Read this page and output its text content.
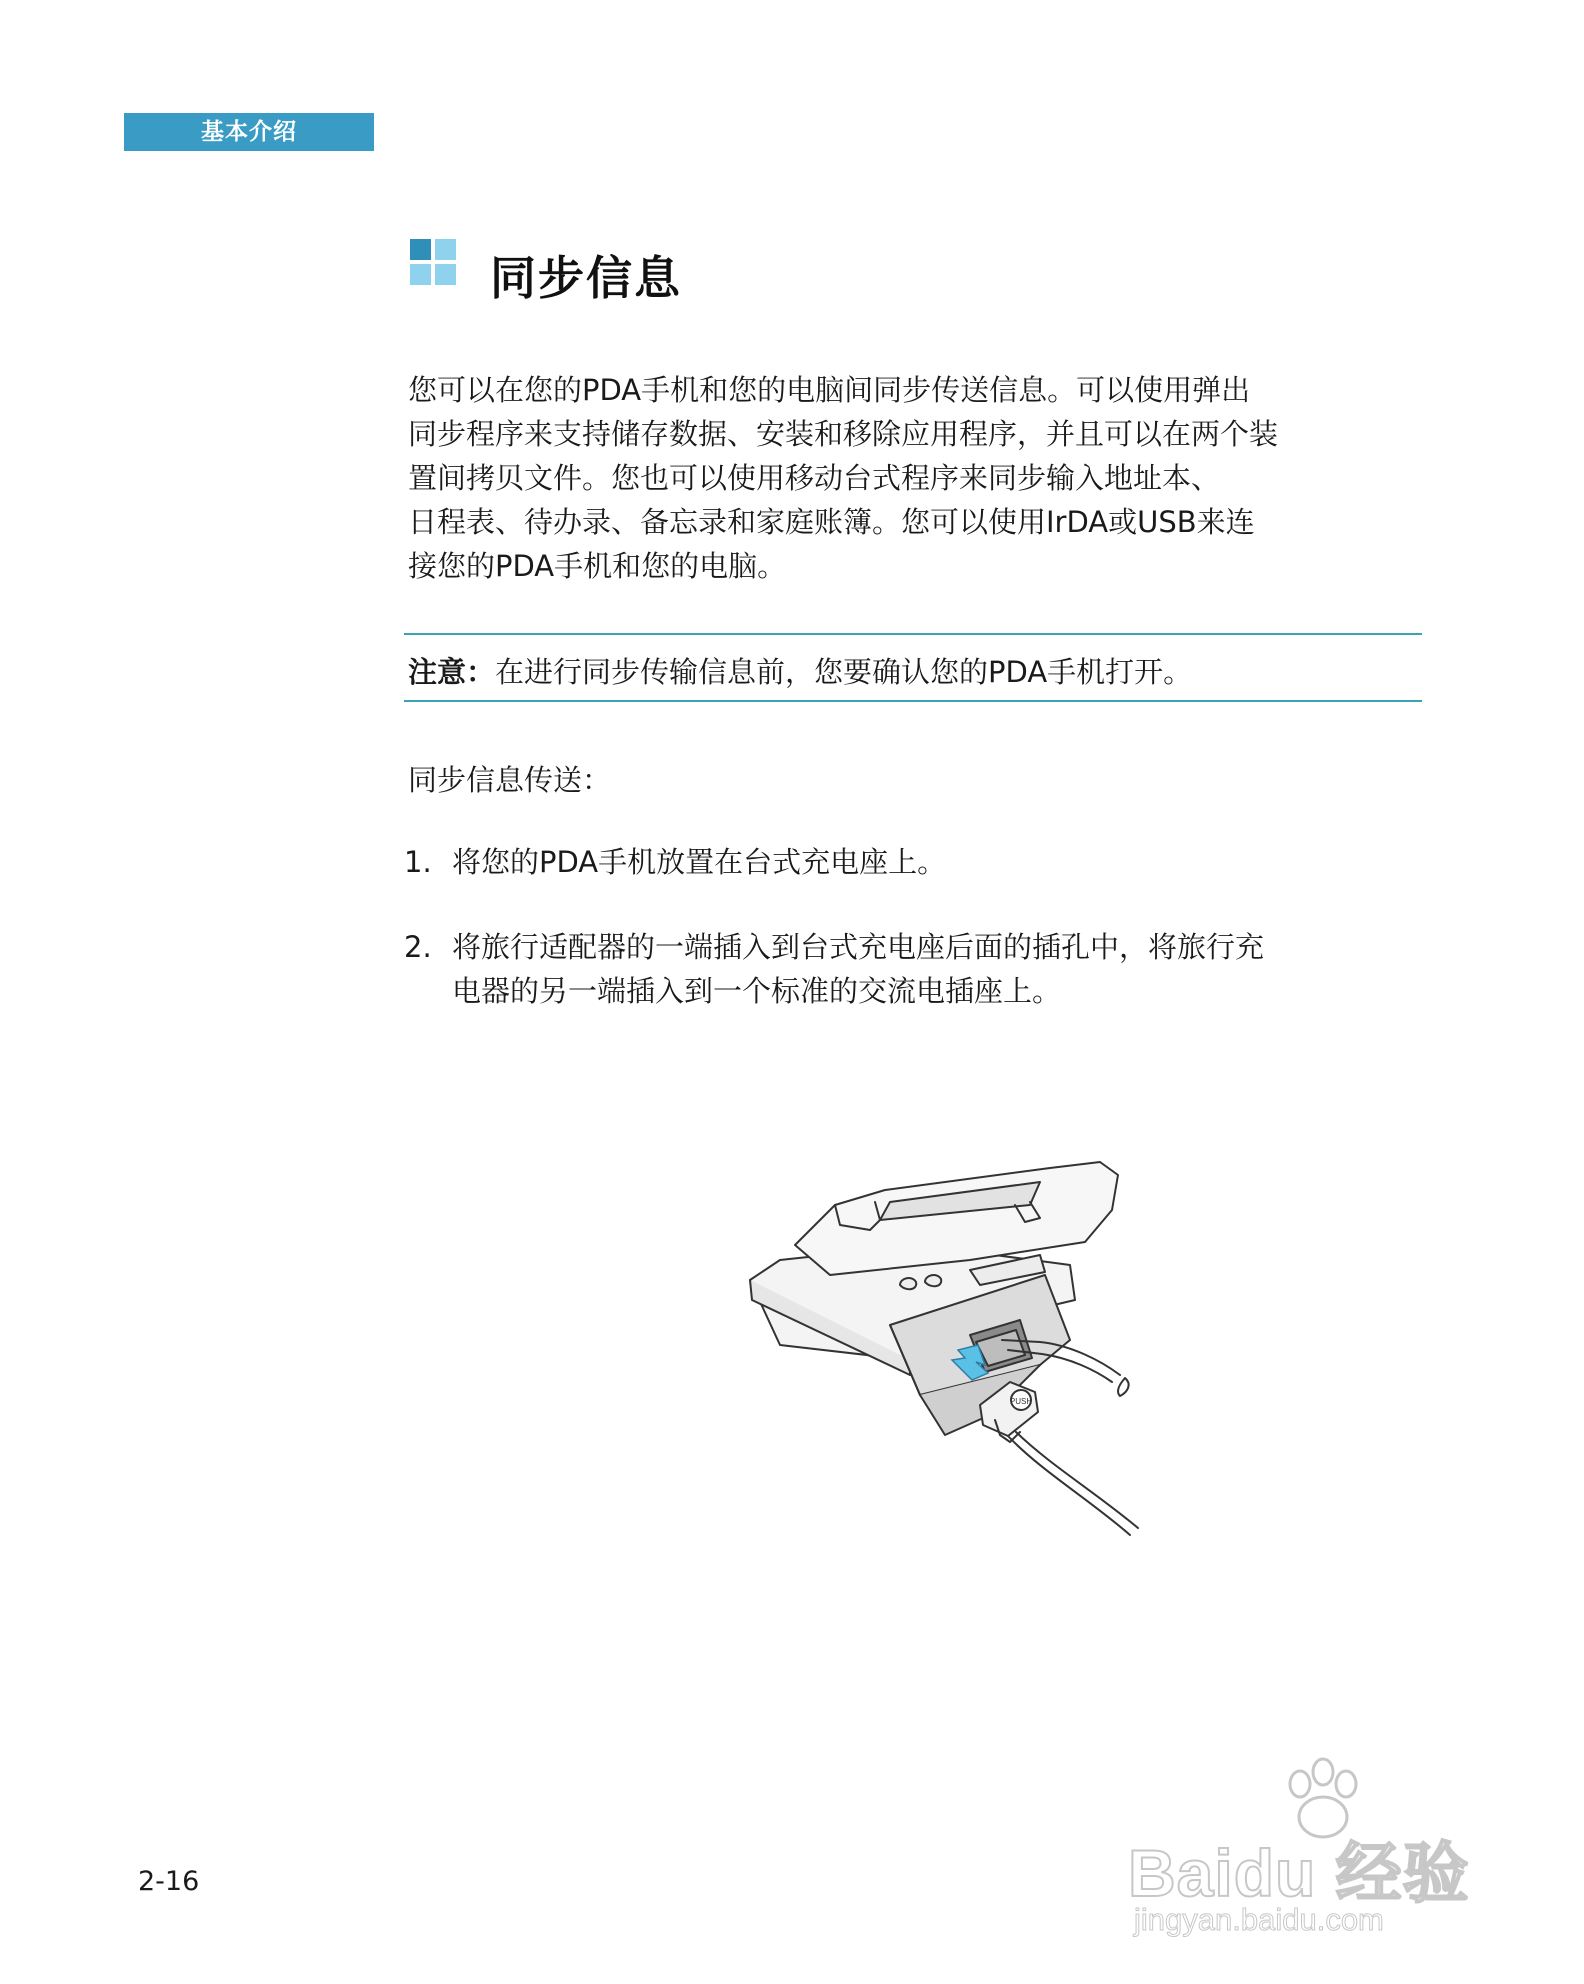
基本介绍
同步信息

您可以在您的PDA手机和您的电脑间同步传送信息。可以使用弹出

同步程序来支持储存数据、安装和移除应用程序，并且可以在两个装

置间拷贝文件。您也可以使用移动台式程序来同步输入地址本、

日程表、待办录、备忘录和家庭账簿。您可以使用IrDA或USB来连

接您的PDA手机和您的电脑。

注意：在进行同步传输信息前，您要确认您的PDA手机打开。
同步信息传送：
1. 将您的PDA手机放置在台式充电座上。
2. 将旅行适配器的一端插入到台式充电座后面的插孔中，将旅行充
电器的另一端插入到一个标准的交流电插座上。
PUSH
2-16	Baidu 经验
jingyan.baidu.com
